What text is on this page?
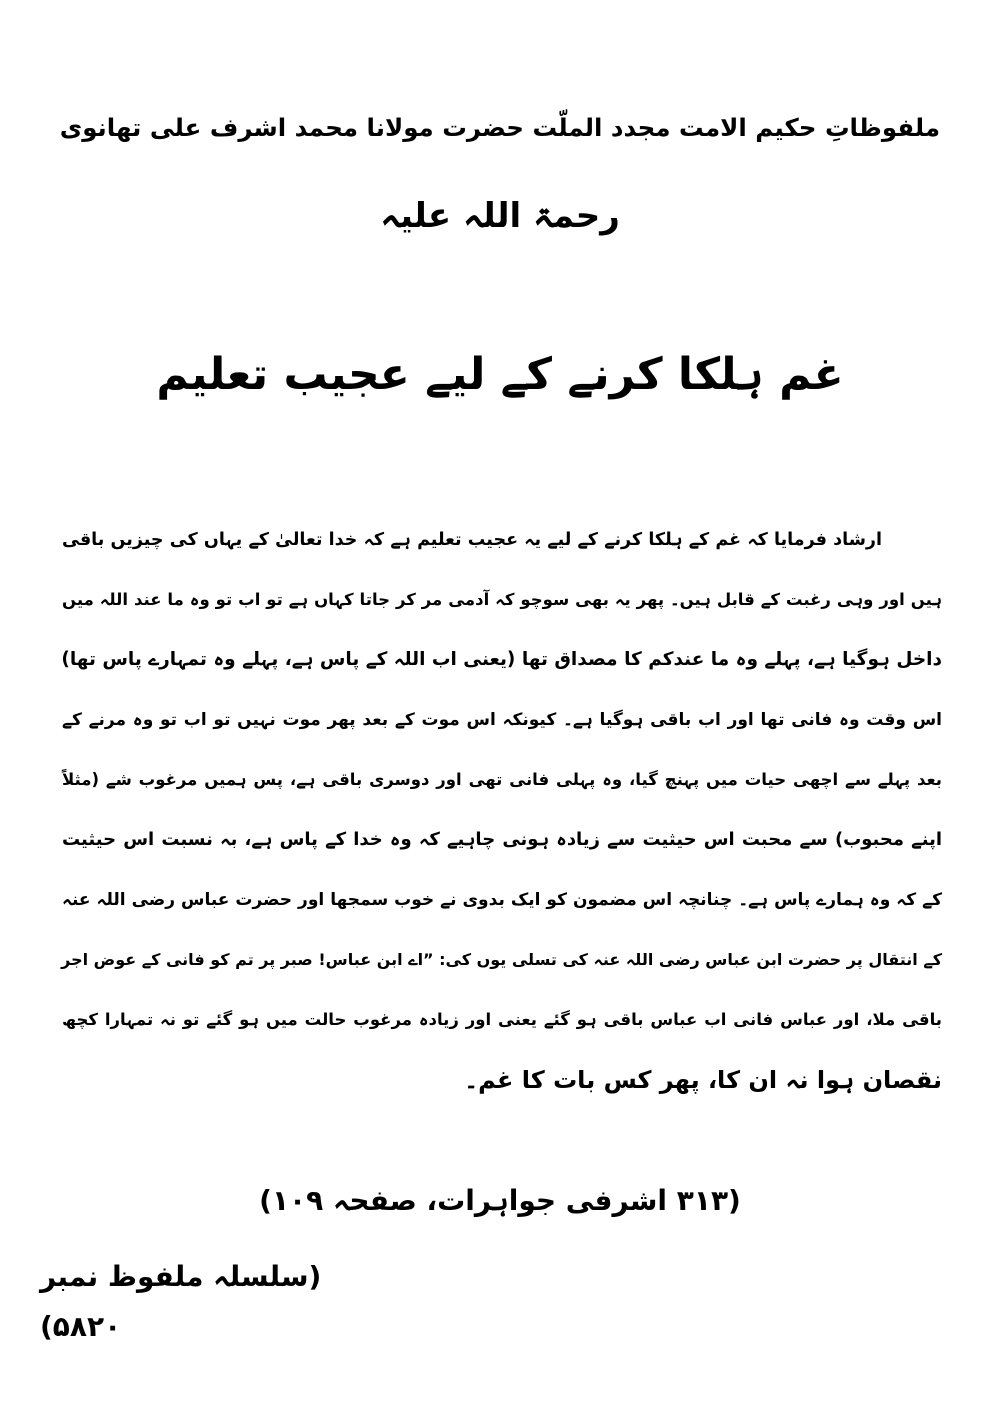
ملفوظاتِ حکیم الامت مجدد الملّت حضرت مولانا محمد اشرف علی تھانوی
رحمۃ اللہ علیہ
غم ہلکا کرنے کے لیے عجیب تعلیم
ارشاد فرمایا کہ غم کے ہلکا کرنے کے لیے یہ عجیب تعلیم ہے کہ خدا تعالیٰ کے یہاں کی چیزیں باقی
ہیں اور وہی رغبت کے قابل ہیں۔ پھر یہ بھی سوچو کہ آدمی مر کر جاتا کہاں ہے تو اب تو وہ ما عند اللہ میں
داخل ہوگیا ہے، پہلے وہ ما عندکم کا مصداق تھا (یعنی اب اللہ کے پاس ہے، پہلے وہ تمہارے پاس تھا)
اس وقت وہ فانی تھا اور اب باقی ہوگیا ہے۔ کیونکہ اس موت کے بعد پھر موت نہیں تو اب تو وہ مرنے کے
بعد پہلے سے اچھی حیات میں پہنچ گیا، وہ پہلی فانی تھی اور دوسری باقی ہے، پس ہمیں مرغوب شے (مثلاً
اپنے محبوب) سے محبت اس حیثیت سے زیادہ ہونی چاہیے کہ وہ خدا کے پاس ہے، بہ نسبت اس حیثیت
کے کہ وہ ہمارے پاس ہے۔ چنانچہ اس مضمون کو ایک بدوی نے خوب سمجھا اور حضرت عباس رضی اللہ عنہ
کے انتقال پر حضرت ابن عباس رضی اللہ عنہ کی تسلی یوں کی: ”اے ابن عباس! صبر پر تم کو فانی کے عوض اجر
باقی ملا، اور عباس فانی اب عباس باقی ہو گئے یعنی اور زیادہ مرغوب حالت میں ہو گئے تو نہ تمہارا کچھ
نقصان ہوا نہ ان کا، پھر کس بات کا غم۔
(۳۱۳ اشرفی جواہرات، صفحہ ۱۰۹)
(سلسلہ ملفوظ نمبر ۵۸۲۰)
